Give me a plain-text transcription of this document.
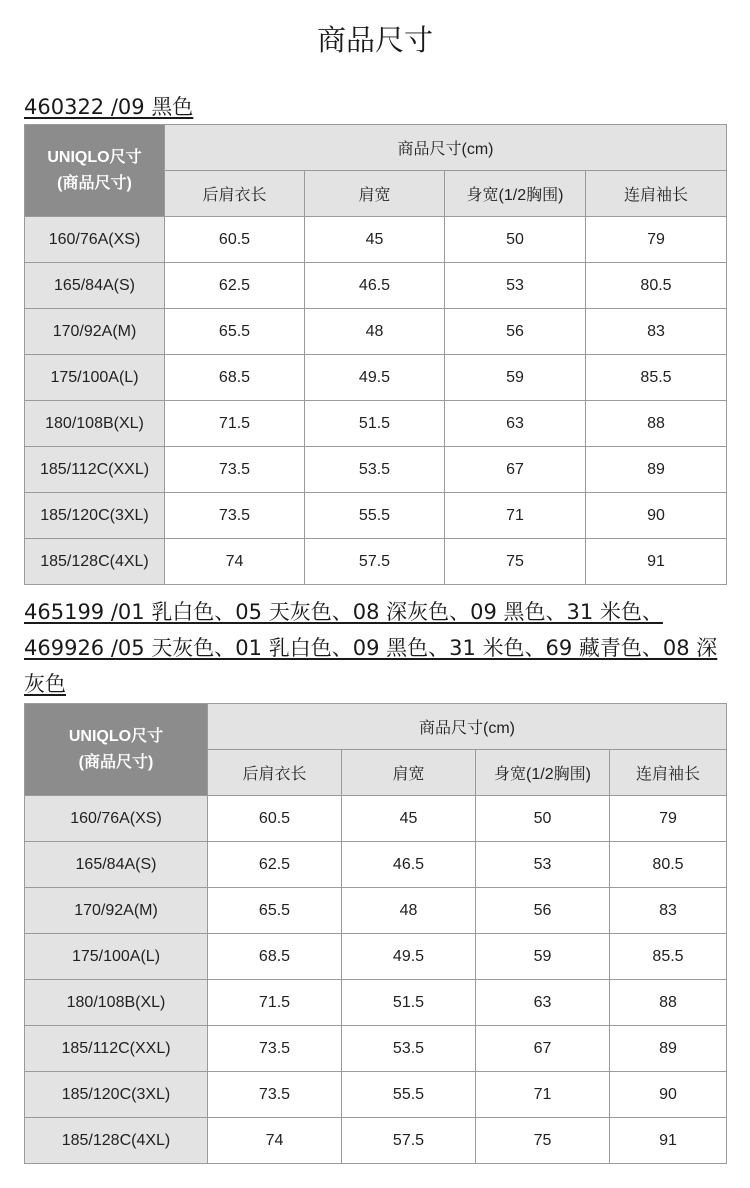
商品尺寸
460322 /09 黑色
UNIQLO尺寸
(商品尺寸)	商品尺寸(cm)			
	后肩衣长	肩宽	身宽(1/2胸围)	连肩袖长
160/76A(XS)	60.5	45	50	79
165/84A(S)	62.5	46.5	53	80.5
170/92A(M)	65.5	48	56	83
175/100A(L)	68.5	49.5	59	85.5
180/108B(XL)	71.5	51.5	63	88
185/112C(XXL)	73.5	53.5	67	89
185/120C(3XL)	73.5	55.5	71	90
185/128C(4XL)	74	57.5	75	91
465199 /01 乳白色、05 天灰色、08 深灰色、09 黑色、31 米色、469926 /05 天灰色、01 乳白色、09 黑色、31 米色、69 藏青色、08 深灰色
UNIQLO尺寸
(商品尺寸)	商品尺寸(cm)			
	后肩衣长	肩宽	身宽(1/2胸围)	连肩袖长
160/76A(XS)	60.5	45	50	79
165/84A(S)	62.5	46.5	53	80.5
170/92A(M)	65.5	48	56	83
175/100A(L)	68.5	49.5	59	85.5
180/108B(XL)	71.5	51.5	63	88
185/112C(XXL)	73.5	53.5	67	89
185/120C(3XL)	73.5	55.5	71	90
185/128C(4XL)	74	57.5	75	91
